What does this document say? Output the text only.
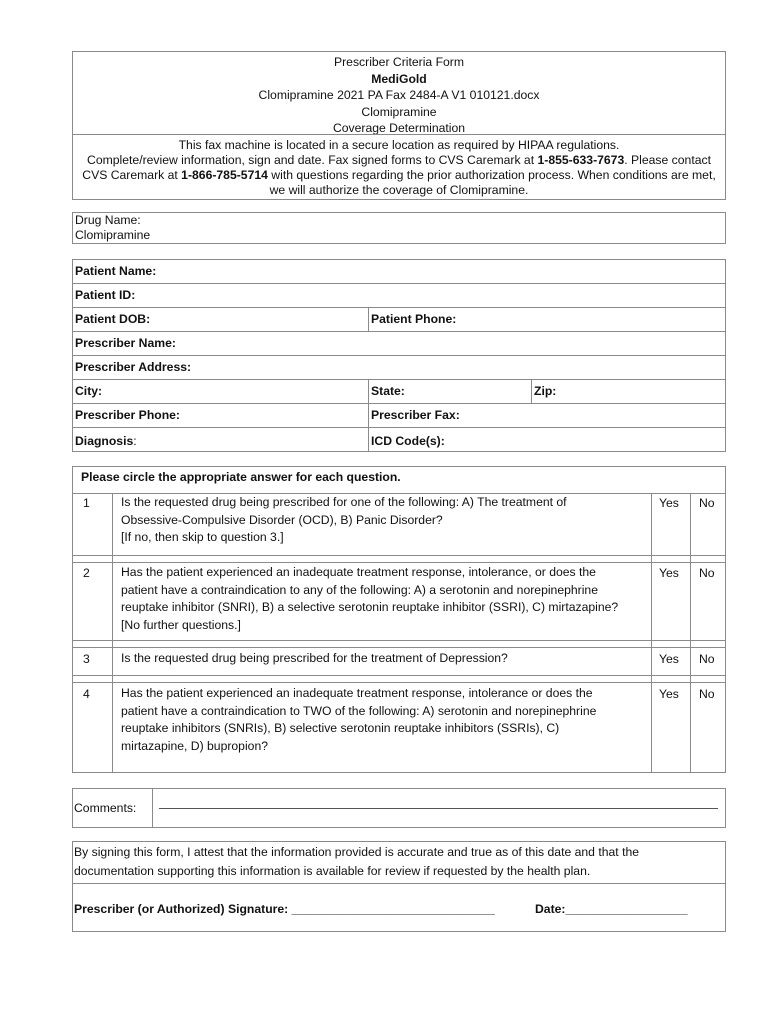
Prescriber Criteria Form
MediGold
Clomipramine 2021 PA Fax 2484-A V1 010121.docx
Clomipramine
Coverage Determination
This fax machine is located in a secure location as required by HIPAA regulations.
Complete/review information, sign and date. Fax signed forms to CVS Caremark at 1-855-633-7673. Please contact CVS Caremark at 1-866-785-5714 with questions regarding the prior authorization process. When conditions are met, we will authorize the coverage of Clomipramine.
Drug Name:
Clomipramine
Patient Name:
Patient ID:
Patient DOB:	Patient Phone:
Prescriber Name:
Prescriber Address:
City:	State:	Zip:
Prescriber Phone:	Prescriber Fax:
Diagnosis:	ICD Code(s):
Please circle the appropriate answer for each question.
1	Is the requested drug being prescribed for one of the following: A) The treatment of
Obsessive-Compulsive Disorder (OCD), B) Panic Disorder?
[If no, then skip to question 3.]
Yes No
2	Has the patient experienced an inadequate treatment response, intolerance, or does the
patient have a contraindication to any of the following: A) a serotonin and norepinephrine
reuptake inhibitor (SNRI), B) a selective serotonin reuptake inhibitor (SSRI), C) mirtazapine?
[No further questions.]
Yes No
3	Is the requested drug being prescribed for the treatment of Depression?	Yes No
4	Has the patient experienced an inadequate treatment response, intolerance or does the
patient have a contraindication to TWO of the following: A) serotonin and norepinephrine
reuptake inhibitors (SNRIs), B) selective serotonin reuptake inhibitors (SSRIs), C)
mirtazapine, D) bupropion?
Yes No
Comments:
By signing this form, I attest that the information provided is accurate and true as of this date and that the
documentation supporting this information is available for review if requested by the health plan.
Prescriber (or Authorized) Signature: ______________________________	Date:__________________
